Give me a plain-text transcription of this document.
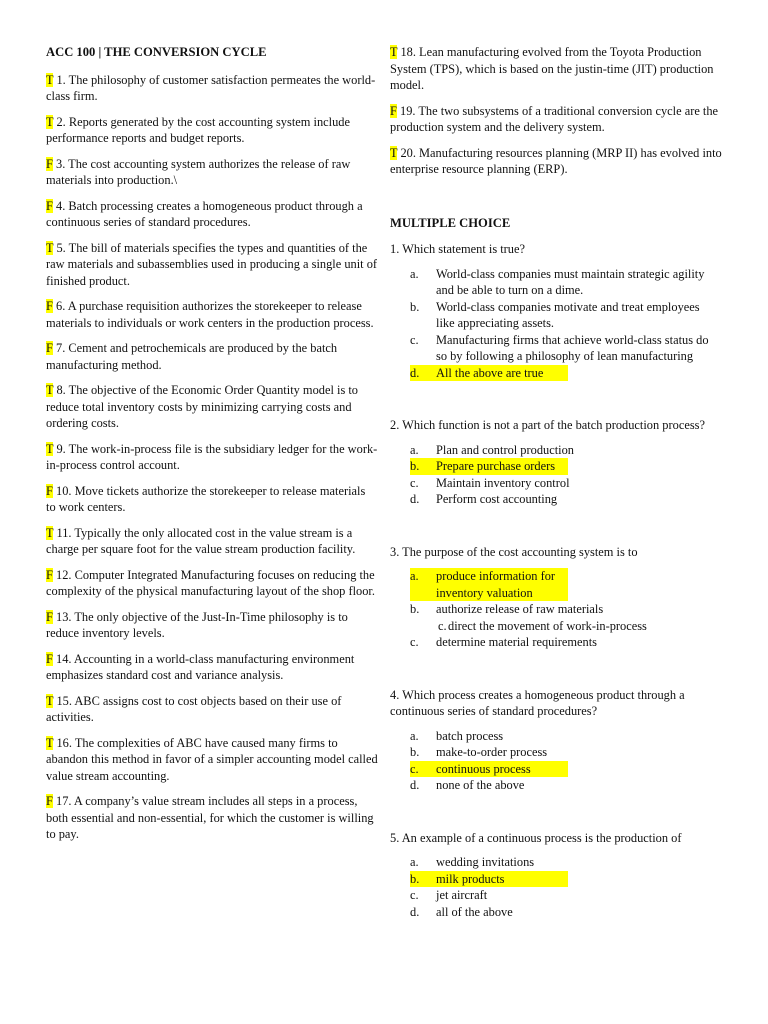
ACC 100 | THE CONVERSION CYCLE
T 1. The philosophy of customer satisfaction permeates the world-class firm.
T 2. Reports generated by the cost accounting system include performance reports and budget reports.
F 3. The cost accounting system authorizes the release of raw materials into production.\
F 4. Batch processing creates a homogeneous product through a continuous series of standard procedures.
T 5. The bill of materials specifies the types and quantities of the raw materials and subassemblies used in producing a single unit of finished product.
F 6. A purchase requisition authorizes the storekeeper to release materials to individuals or work centers in the production process.
F 7. Cement and petrochemicals are produced by the batch manufacturing method.
T 8. The objective of the Economic Order Quantity model is to reduce total inventory costs by minimizing carrying costs and ordering costs.
T 9. The work-in-process file is the subsidiary ledger for the work-in-process control account.
F 10. Move tickets authorize the storekeeper to release materials to work centers.
T 11. Typically the only allocated cost in the value stream is a charge per square foot for the value stream production facility.
F 12. Computer Integrated Manufacturing focuses on reducing the complexity of the physical manufacturing layout of the shop floor.
F 13. The only objective of the Just-In-Time philosophy is to reduce inventory levels.
F 14. Accounting in a world-class manufacturing environment emphasizes standard cost and variance analysis.
T 15. ABC assigns cost to cost objects based on their use of activities.
T 16. The complexities of ABC have caused many firms to abandon this method in favor of a simpler accounting model called value stream accounting.
F 17. A company’s value stream includes all steps in a process, both essential and non-essential, for which the customer is willing to pay.
T 18. Lean manufacturing evolved from the Toyota Production System (TPS), which is based on the justin-time (JIT) production model.
F 19. The two subsystems of a traditional conversion cycle are the production system and the delivery system.
T 20. Manufacturing resources planning (MRP II) has evolved into enterprise resource planning (ERP).
MULTIPLE CHOICE
1. Which statement is true?
a.	World-class companies must maintain strategic agility and be able to turn on a dime.
b.	World-class companies motivate and treat employees like appreciating assets.
c.	Manufacturing firms that achieve world-class status do so by following a philosophy of lean manufacturing
d.	All the above are true
2. Which function is not a part of the batch production process?
a.	Plan and control production
b.	Prepare purchase orders
c.	Maintain inventory control
d.	Perform cost accounting
3. The purpose of the cost accounting system is to
a.	produce information for inventory valuation
b.	authorize release of raw materials
c. direct the movement of work-in-process
c.	determine material requirements
4. Which process creates a homogeneous product through a continuous series of standard procedures?
a.	batch process
b.	make-to-order process
c.	continuous process
d.	none of the above
5. An example of a continuous process is the production of
a.	wedding invitations
b.	milk products
c.	jet aircraft
d.	all of the above
